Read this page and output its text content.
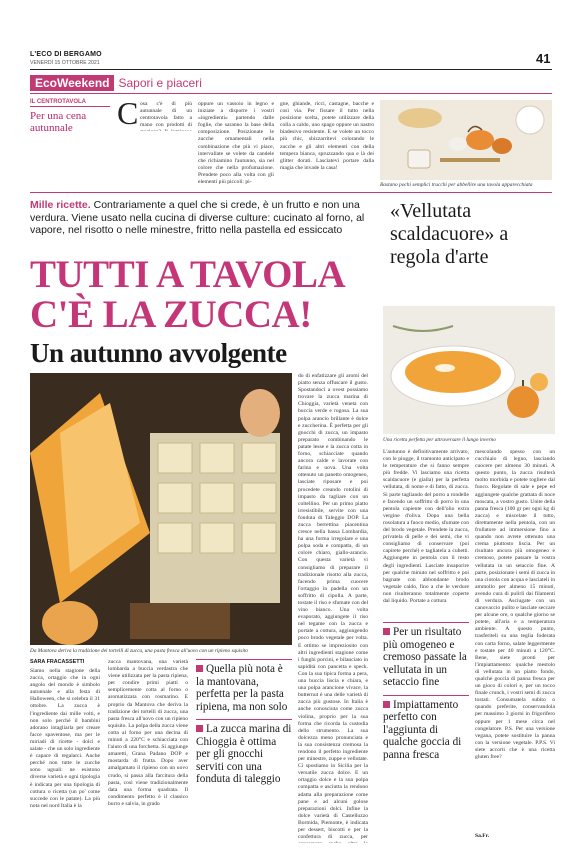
L'ECO DI BERGAMO
VENERDÌ 15 OTTOBRE 2021	41
EcoWeekend Sapori e piaceri
IL CENTROTAVOLA
Per una cena autunnale	C osa c'è di più autunnale di un centrotavola fatto a mano con prodotti di
oppure un vassoio in legno e iniziate a disporre i vostri «ingredienti» partendo dalle foglie, che saranno la base della composizione. Posizionate le zucche ornamentali nella combinazione che più vi piace, intervallate se volete da candele che richiamino l'autunno, sia nel colore che nella profumazione. Prendete poco alla volta con gli elementi più piccoli: pi-
gne, ghiande, ricci, castagne, bacche e così via. Per fissare il tutto nella posizione scelta, potete utilizzare della colla a caldo, uno spago oppure un nastro biadesivo resistente. E se volete un tocco più chic, sbizzarritevi colorando le zucche e gli altri elementi con della tempera bianca, spruzzando qua e là dei glitter dorati. Lasciatevi portare dalla magia che invade la casa!
Bastano pochi semplici trucchi per abbellire una tavola apparecchiata
Mille ricette. Contrariamente a quel che si crede, è un frutto e non una verdura. Viene usato nella cucina di diverse culture: cucinato al forno, al vapore, nel risotto o nelle minestre, fritto nella pastella ed essiccato
«Vellutata scaldacuore» a regola d'arte
TUTTI A TAVOLA
C'È LA ZUCCA!
Un autunno avvolgente
Una ricetta perfetta per attraversare il lungo inverno
Da Mantova deriva la tradizione dei tortelli di zucca, una pasta fresca all'uovo con un ripieno squisito
do di enfatizzare gli aromi del piatto senza offuscare il gusto. Spostandoci a ovest possiamo trovare la zucca marina di Chioggia, varietà veneta con buccia verde e rugosa. La sua polpa arancio brillante è dolce e zuccherina. È perfetta per gli gnocchi di zucca, un impasto preparato combinando le patate lesse e la zucca cotta in forno, schiacciate quando ancora calde e lavorate con farina e uova. Una volta ottenuto un panetto omogeneo, lasciate riposare e poi procedete creando rotolini di impasto da tagliare con un coltellino. Per un primo piatto irresistibile, servite con una fonduta di Taleggio DOP. La zucca berrettina piacentina cresce nella bassa Lombardia, ha una forma irregolare e una polpa soda e compatta, di un colore chiaro, giallo-arancio. Con questa varietà vi consigliamo di preparare il tradizionale risotto alla zucca, facendo prima cuocere l'ortaggio in padella con un soffritto di cipolla. A parte, tostate il riso e sfumate con del vino bianco. Una volta evaporato, aggiungete il riso nel tegame con la zucca e portate a cottura, aggiungendo poco brodo vegetale per volta. E ottimo se impreziosito con altri ingredienti stagione come i funghi porcini, e bilanciato in sapidità con pancetta e speck. Con la sua tipica forma a pera, una buccia liscia e chiara, e una polpa arancione vivace, la butternut è una delle varietà di zucca più gustose. In Italia è anche conosciuta come zucca violina, proprio per la sua forma che ricorda la custodia dello strumento. La sua dolcezza meno pronunciata e la sua consistenza cremosa la rendono il perfetto ingrediente per minestre, zuppe e vellutate. Ci spostiamo in Sicilia per la versatile zucca dolce. E un ortaggio dolce e la sua polpa compatta e asciutta la rendono adatta alla preparazione come pane e ad alcuni golose preparazioni dolci. Infine la dolce varietà di Castelluzzo Bormida, Piemonte, è indicata per dessert, biscotti e per la confettura di zucca, per
SARA FRACASSETTI
Siamo nella stagione della zucca, ortaggio che in ogni angolo del mondo è simbolo autunnale e alla festa di Halloween, che si celebra il 31 ottobre. La zucca è l'ingrediente dai mille volti, e non solo perché il bambini adorano intagliarla per creare facce spaventose, ma per le miriadi di ricette - dolci e salate - che un solo ingrediente è capace di regalarci. Anche perché non tutte le zucche sono uguali: ne esistono diverse varietà e ogni tipologia è indicata per una tipologia di cottura o ricetta (un po' come succede con le patate). La più nota nel nord Italia è la
zucca mantovana, una varietà lombarda a buccia verdastra che viene utilizzata per la pasta ripiena, per condire primi piatti o semplicemente cotta al forno o aromatizzata con rosmarino. E proprio da Mantova che deriva la tradizione dei tortelli di zucca, una pasta fresca all'uovo con un ripieno squisito. La polpa della zucca viene cotta al forno per una decina di minuti a 220°C e schiacciata con l'aiuto di una forchetta. Si aggiunge amaretti, Grana Padano DOP e mostarda di frutta. Dopo aver amalgamato il ripieno con un uovo crudo, si passa alla farcitura della pasta, così viene tradizionalmente data una forma quadrata. Il condimento perfetto è il classico burro e salvia, in grado
Quella più nota è la mantovana, perfetta per la pasta ripiena, ma non solo
La zucca marina di Chioggia è ottima per gli gnocchi serviti con una fonduta di taleggio
L'autunno è definitivamente arrivato, con le piogge, il tramonto anticipato e le temperature che si fanno sempre più fredde. Vi lasciamo una ricetta scaldacuore (e gialla) per la perfetta vellutata, di nome e di fatto, di zucca. Si parte tagliando del porro a rondelle e facendo un soffritto di porro in una pentola capiente con dell'olio extra vergine d'oliva. Dopo una bella rosolatura a fuoco medio, sfumate con del brodo vegetale. Prendete la zucca, privatela di pelle e dei semi, che vi consigliamo di conservare (poi capirete perché) e tagliatela a cubetti. Aggiungete in pentola con il resto degli ingredienti. Lasciate insaporire per qualche minuto nel soffritto e poi bagnate con abbondante brodo vegetale caldo, fino a che le verdure non risulteranno totalmente coperte dal liquido. Portate a cottura
Per un risultato più omogeneo e cremoso passate la vellutata in un setaccio fine
Impiattamento perfetto con l'aggiunta di qualche goccia di panna fresca
mescolando spesso con un cucchiaio di legno, lasciando cuocere per almeno 30 minuti. A questo punto, la zucca risulterà molto morbida e potete togliere dal fuoco. Regolate di sale e pepe ed aggiungete qualche grattata di noce moscata, a vostro gusto. Unite della panna fresca (100 gr per ogni kg di zucca) e miscelate il tutto, direttamente nella pentola, con un frullatore ad immersione fino a quando non avrete ottenuto una crema piuttosto liscia. Per un risultato ancora più omogeneo e cremoso, potete passare la vostra vellutata in un setaccio fine. A parte, posizionate i semi di zucca in una ciotola con acqua e lasciateli in ammollo per almeno 15 minuti, avendo cura di pulirli dai filamenti di verdura. Asciugate con un canovaccio pulito e lasciate seccare per alcune ore, o qualche giorno se potete, all'aria e a temperatura ambiente. A questo punto, trasferiteli su una teglia foderata con carta forno, salate leggermente e tostate per 40 minuti a 120°C. Bene, siete pronti per l'impiattamento: qualche mestolo di vellutata in un piatto fondo, qualche goccia di panna fresca per un gioco di colori e, per un tocco finale crunch, i vostri semi di zucca tostati. Consumatela subito o quando preferite, conservandola per massimo 3 giorni in frigorifero oppure per 1 mese circa nel congelatore. P.S. Per una versione vegana, potete sostituire la panna con la versione vegetale. P.P.S. Vi siete accorti che è una ricetta gluten free?
Sa.Fr.
